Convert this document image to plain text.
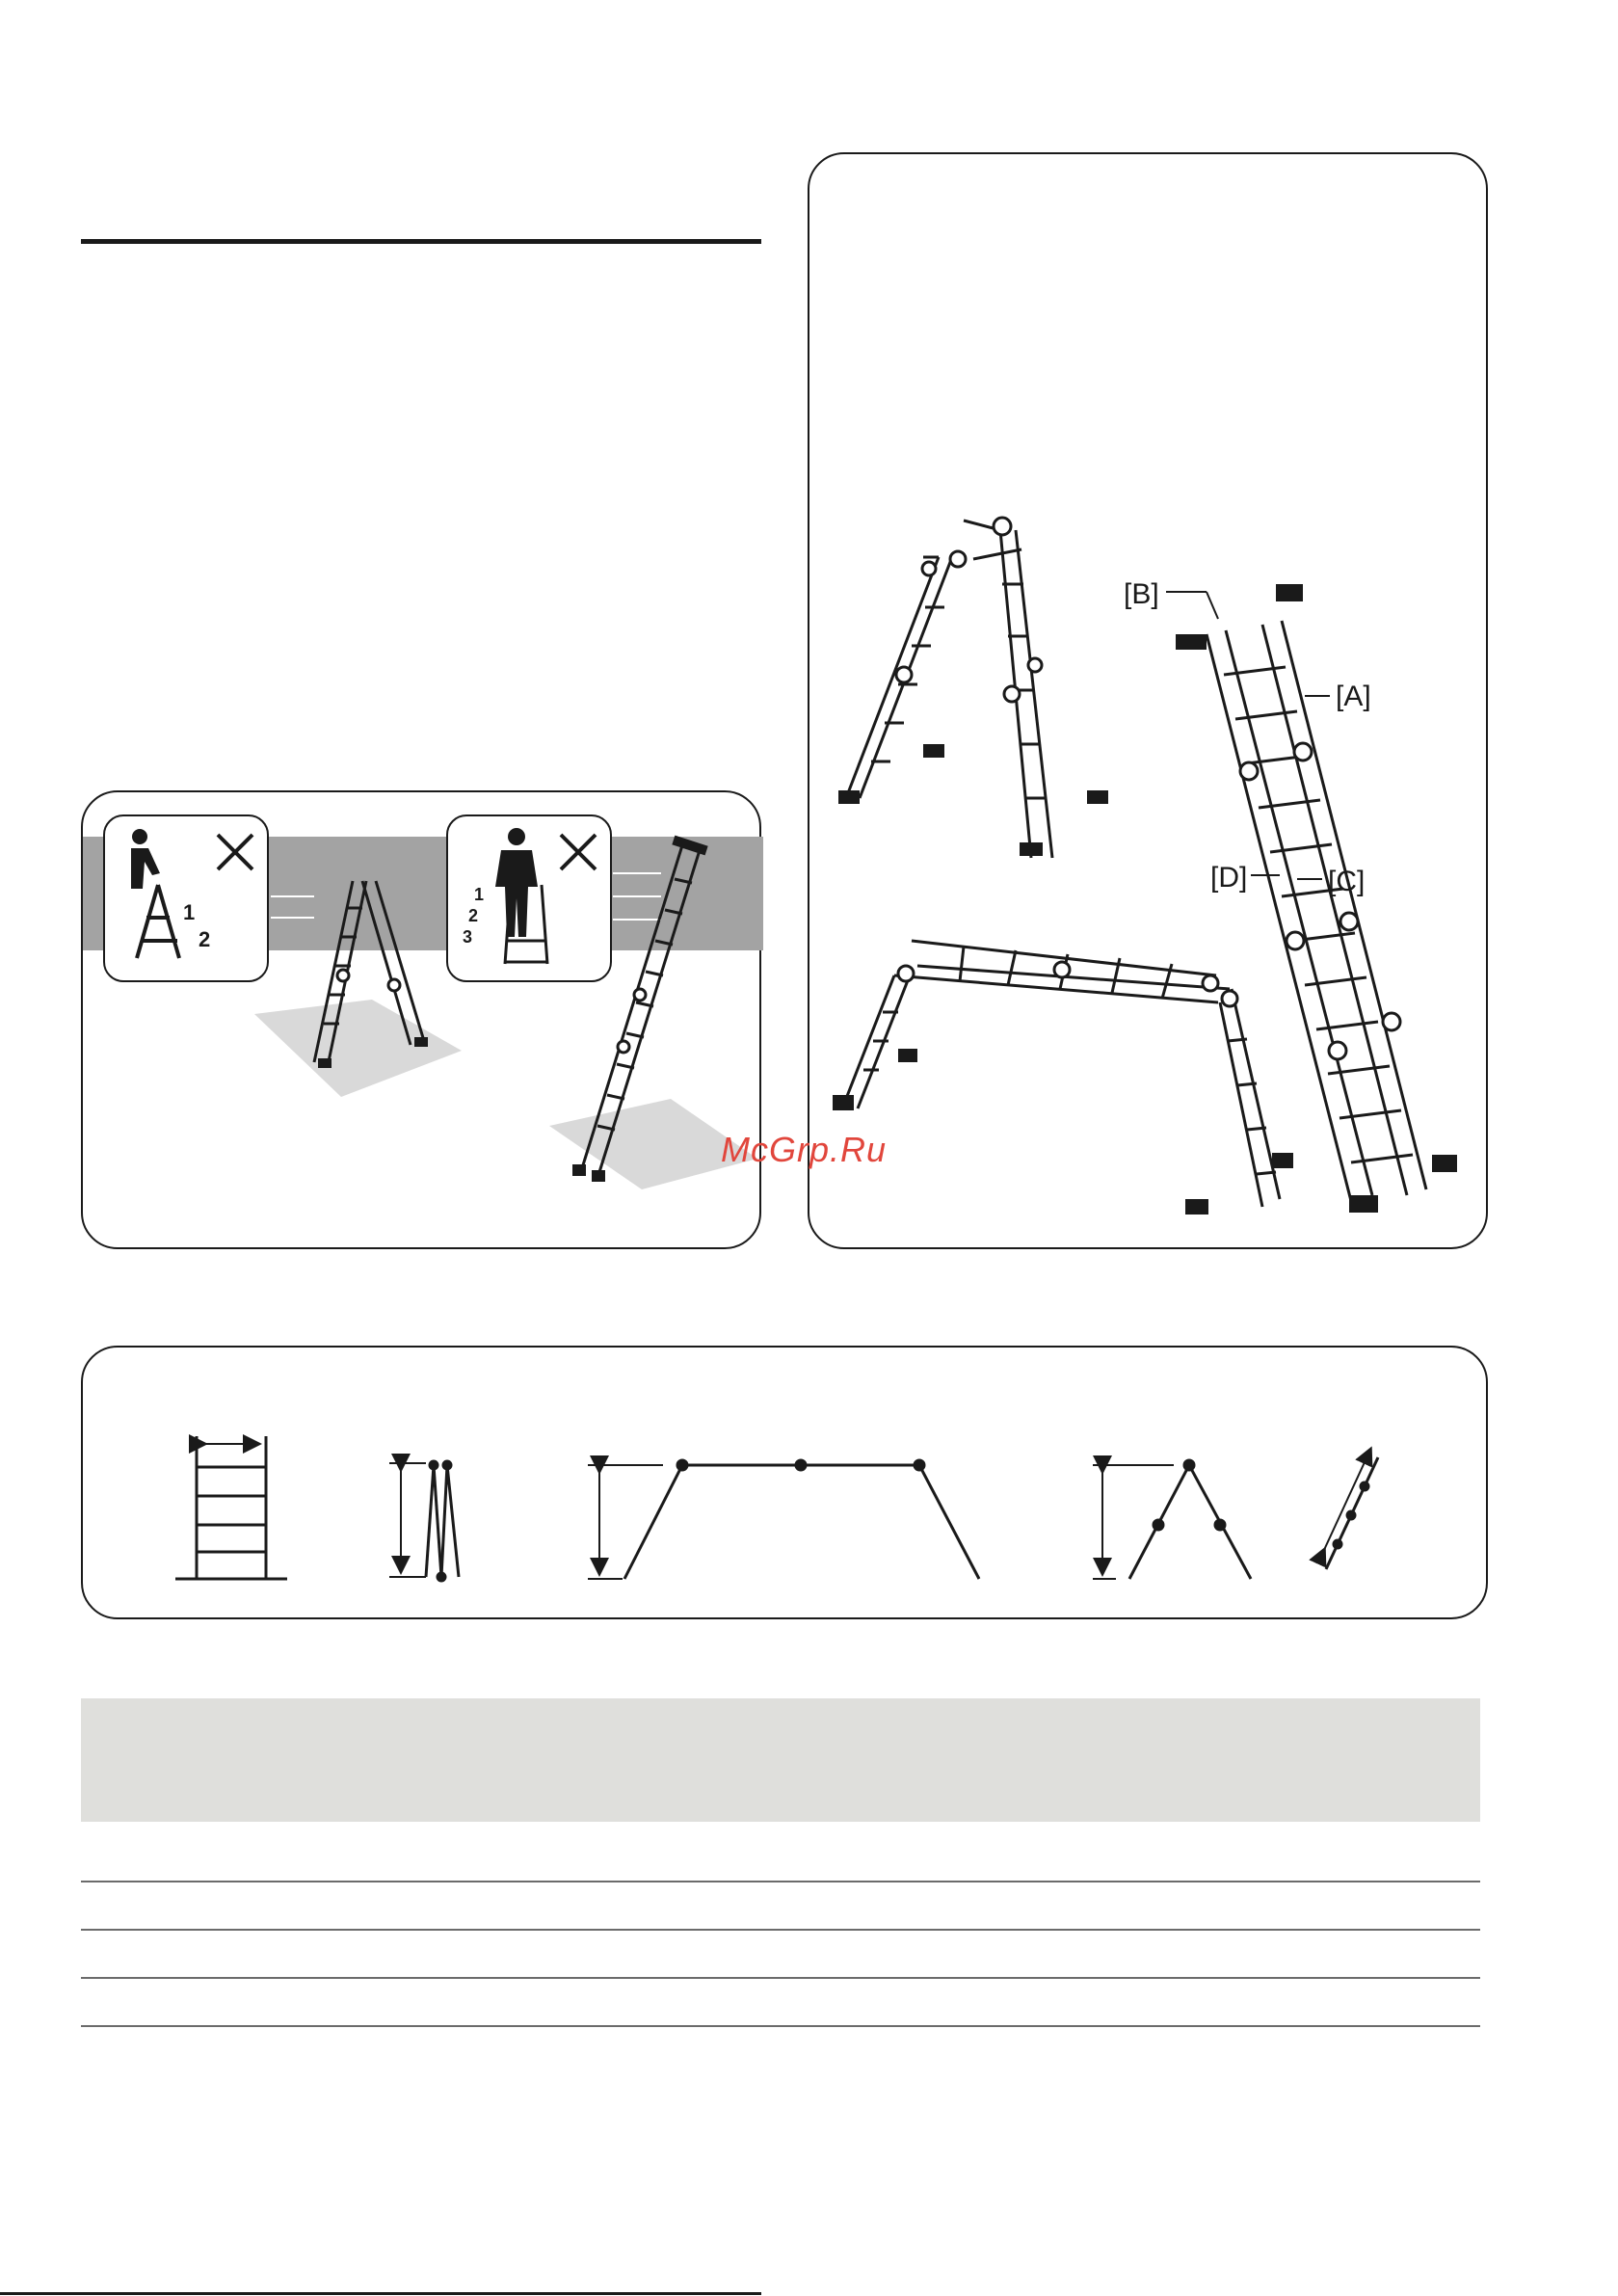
1
2
1
2
3
[B]
[A]
[D]	[C]
McGrp.Ru
